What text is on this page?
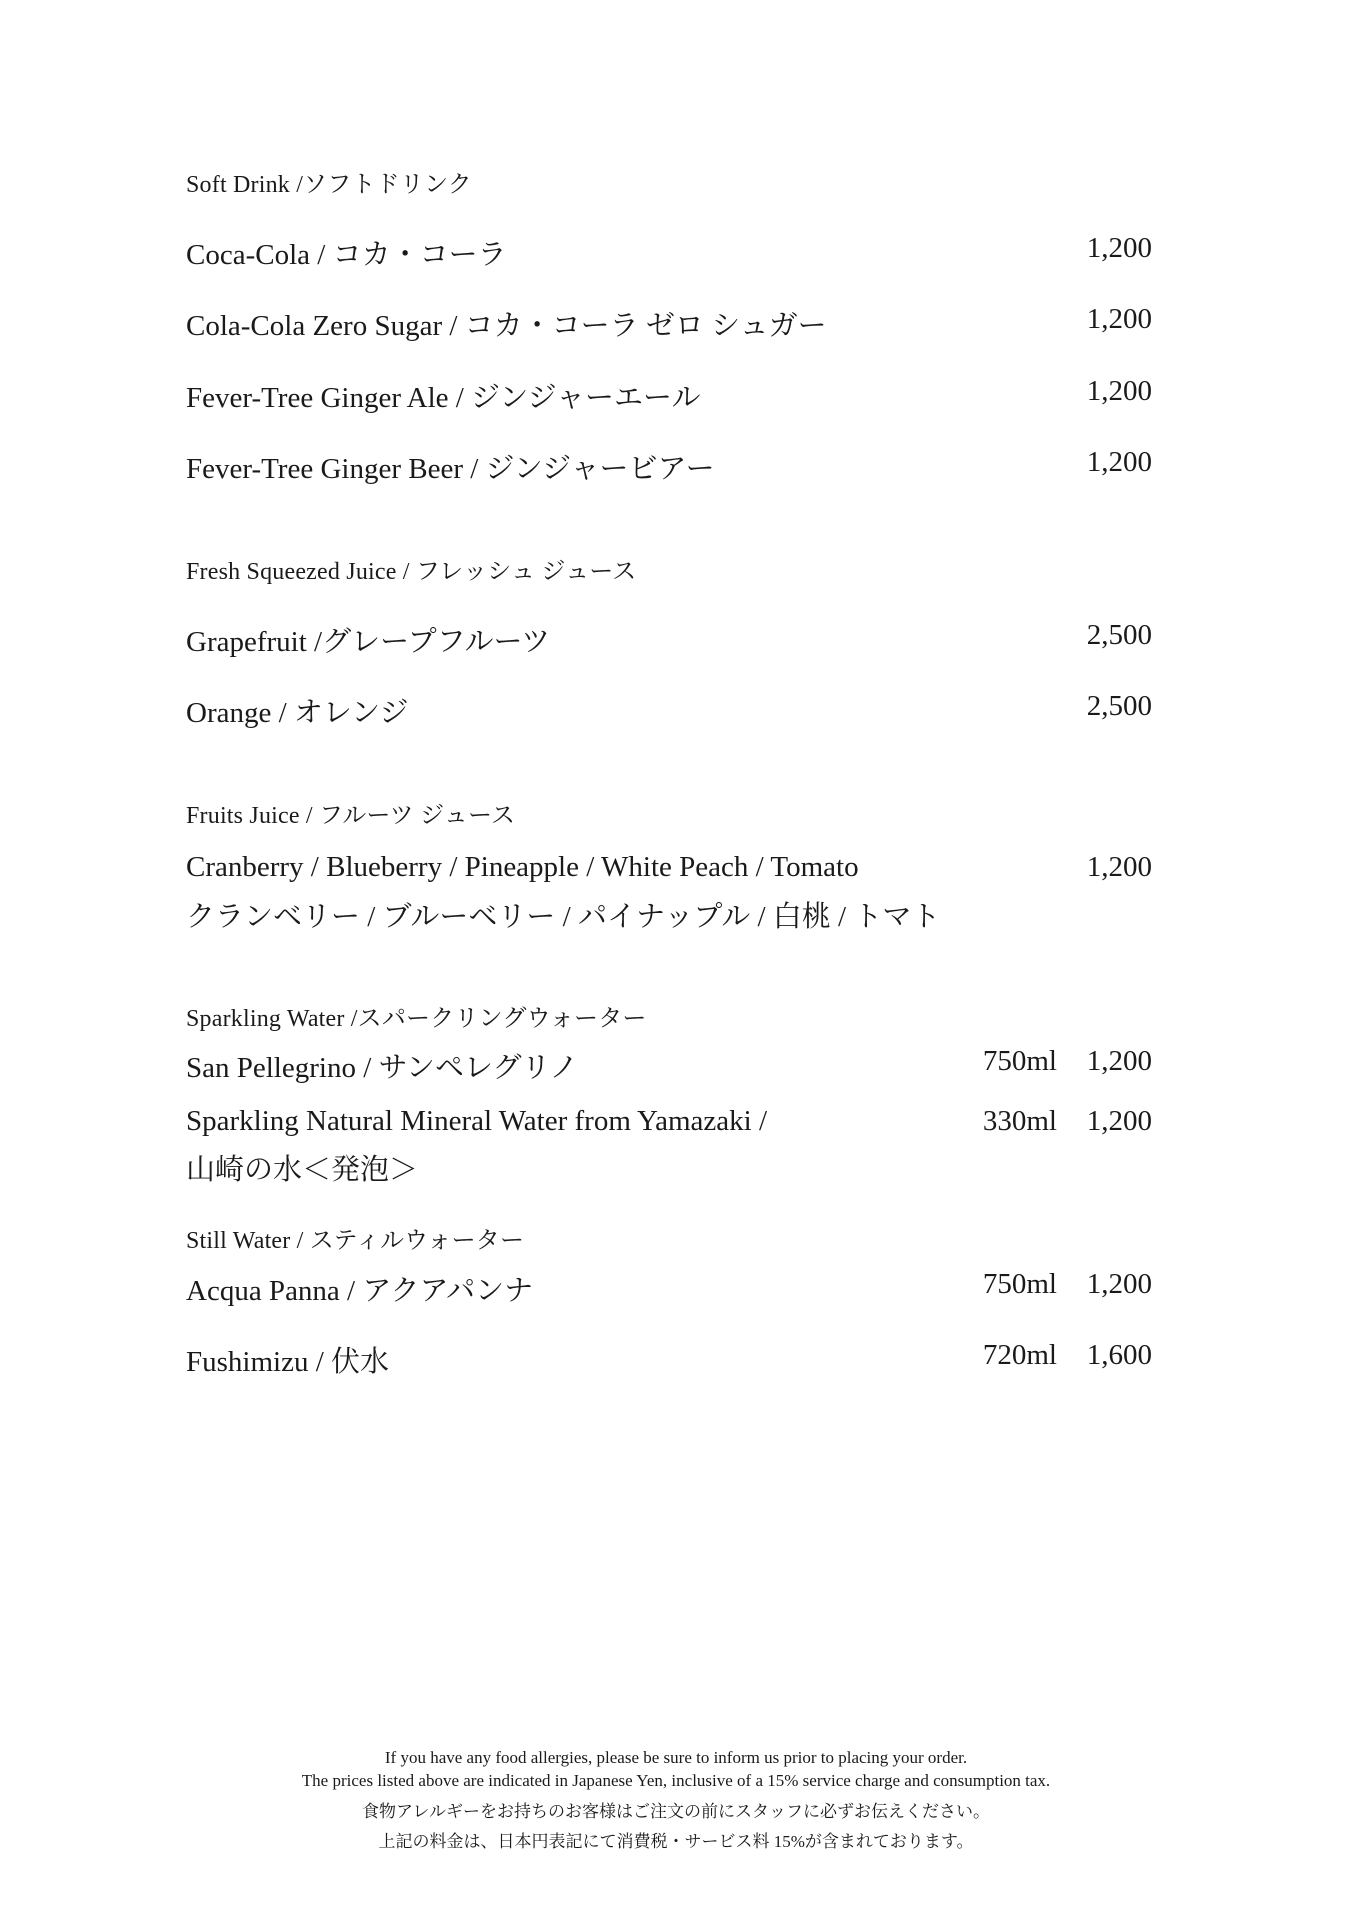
Soft Drink /ソフトドリンク
Coca-Cola / コカ・コーラ	1,200
Cola-Cola Zero Sugar / コカ・コーラ ゼロ シュガー	1,200
Fever-Tree Ginger Ale / ジンジャーエール	1,200
Fever-Tree Ginger Beer / ジンジャービアー	1,200
Fresh Squeezed Juice / フレッシュ ジュース
Grapefruit /グレープフルーツ	2,500
Orange / オレンジ	2,500
Fruits Juice / フルーツ ジュース
Cranberry / Blueberry / Pineapple / White Peach / Tomato	1,200
クランベリー / ブルーベリー / パイナップル / 白桃 / トマト
Sparkling Water /スパークリングウォーター
San Pellegrino / サンペレグリノ	750ml	1,200
Sparkling Natural Mineral Water from Yamazaki /	330ml	1,200
山崎の水＜発泡＞
Still Water / スティルウォーター
Acqua Panna / アクアパンナ	750ml	1,200
Fushimizu / 伏水	720ml	1,600
If you have any food allergies, please be sure to inform us prior to placing your order.
The prices listed above are indicated in Japanese Yen, inclusive of a 15% service charge and consumption tax.
食物アレルギーをお持ちのお客様はご注文の前にスタッフに必ずお伝えください。
上記の料金は、日本円表記にて消費税・サービス料 15%が含まれております。
